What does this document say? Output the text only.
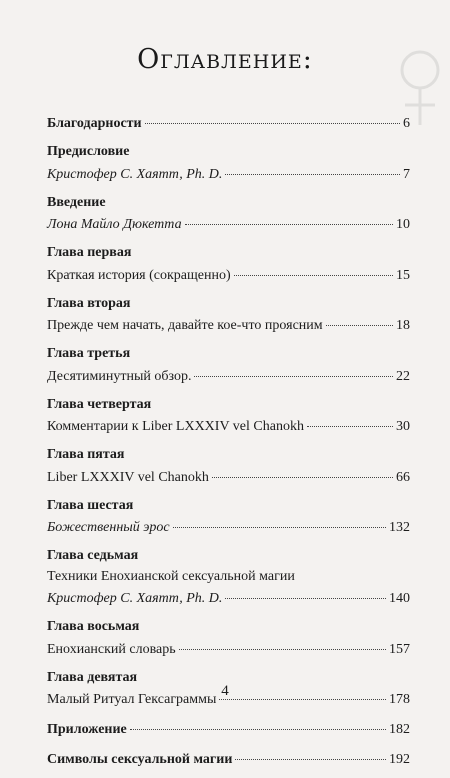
Оглавление:
Благодарности	6
Предисловие
Кристофер С. Хаятт, Ph. D.	7
Введение
Лона Майло Дюкетта	10
Глава первая
Краткая история (сокращенно)	15
Глава вторая
Прежде чем начать, давайте кое-что проясним	18
Глава третья
Десятиминутный обзор.	22
Глава четвертая
Комментарии к Liber LXXXIV vel Chanokh	30
Глава пятая
Liber LXXXIV vel Chanokh	66
Глава шестая
Божественный эрос	132
Глава седьмая
Техники Енохианской сексуальной магии
Кристофер С. Хаятт, Ph. D.	140
Глава восьмая
Енохианский словарь	157
Глава девятая
Малый Ритуал Гексаграммы	178
Приложение	182
Символы сексуальной магии	192
4
